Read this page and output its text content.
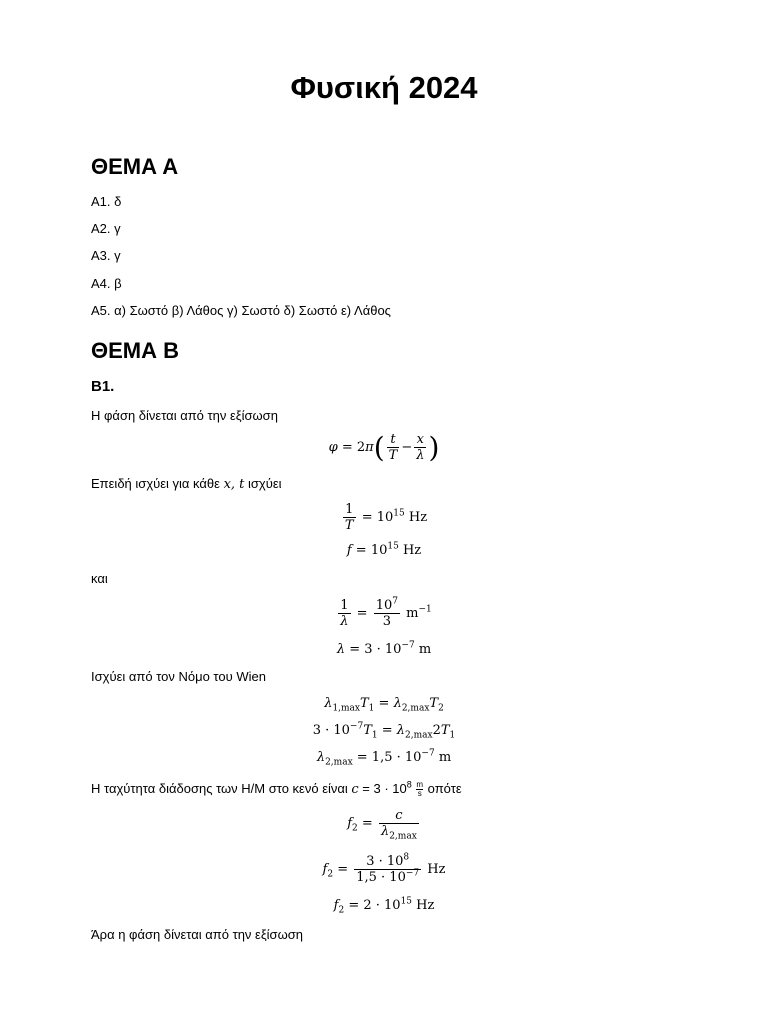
Φυσική 2024
ΘΕΜΑ Α
Α1. δ
Α2. γ
Α3. γ
Α4. β
Α5. α) Σωστό β) Λάθος γ) Σωστό δ) Σωστό ε) Λάθος
ΘΕΜΑ Β
Β1.
Η φάση δίνεται από την εξίσωση
$\varphi = 2\pi( \frac{t}{T} - \frac{x}{\lambda}$ )
Επειδή ισχύει για κάθε x, t ισχύει
$\frac{1}{T} = 10^{15}$ Hz
$f = 10^{15}$ Hz
και
$\frac{1}{\lambda} = \frac{10^7}{3} m^{-1}$
$\lambda = 3 \cdot 10^{-7}$ m
Ισχύει από τον Νόμο του Wien
$\lambda_{1,max}T_1 = \lambda_{2,max}T_2$
$3 \cdot 10^{-7}T_1 = \lambda_{2,max}2T_1$
$\lambda_{2,max} = 1,5 \cdot 10^{-7}$ m
Η ταχύτητα διάδοσης των Η/Μ στο κενό είναι $c = 3 \cdot 10^8 \frac{m}{s}$ οπότε
$f_2 = \frac{c}{\lambda_{2,max}}$
$f_2 = \frac{3 \cdot 10^8}{1,5 \cdot 10^{-7}}$ Hz
$f_2 = 2 \cdot 10^{15}$ Hz
Άρα η φάση δίνεται από την εξίσωση
